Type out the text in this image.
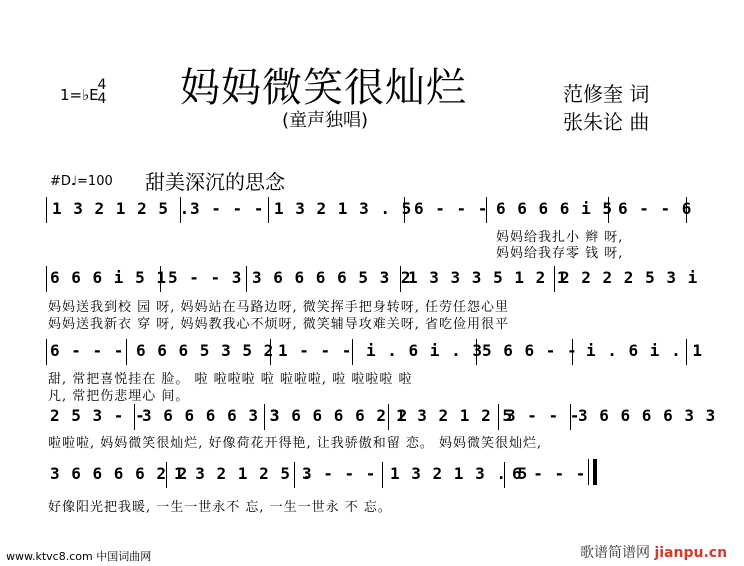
1=♭E
4
4 妈妈微笑很灿烂
(童声独唱)
范修奎 词
张朱论 曲
#D♩=100 甜美深沉的思念
1 3 2 1 2 5 . 3 - - - 1 3 2 1 3 . 5 6 - - - 6 6 6 6 i 5 6 - - 6
妈妈给我扎小 辫 呀,
妈妈给我存零 钱 呀,
6 6 6 i 5 1 5 - - 3 3 6 6 6 6 5 3 2
1 3 3 3 5 1 2 1
2 2 2 2 5 3 i
妈妈送我到校 园 呀, 妈妈站在马路边呀, 微笑挥手把身转呀, 任劳任怨心里
妈妈送我新衣 穿 呀, 妈妈教我心不烦呀, 微笑辅导攻难关呀, 省吃俭用很平
6 - - - 6 6 6 5 3 5 2 1 - - - i . 6 i . 3 5 6 6 - - i . 6 i . 1
甜, 常把喜悦挂在 脸。 啦 啦啦啦 啦 啦啦啦, 啦 啦啦啦 啦
凡, 常把伤悲埋心 间。
2 5 3 - -
3 6 6 6 6 3 3
3 6 6 6 6 2 2
1 3 2 1 2 5
3 - - -
3 6 6 6 6 3 3
啦啦啦, 妈妈微笑很灿烂, 好像荷花开得艳, 让我骄傲和留 恋。 妈妈微笑很灿烂,
3 6 6 6 6 2 2
1 3 2 1 2 5 .
3 - - - 1 3 2 1 3 . 5
6 - - -
好像阳光把我暖, 一生一世永不 忘, 一生一世永 不 忘。
www.ktvc8.com 中国词曲网	歌谱简谱网 jianpu.cn
